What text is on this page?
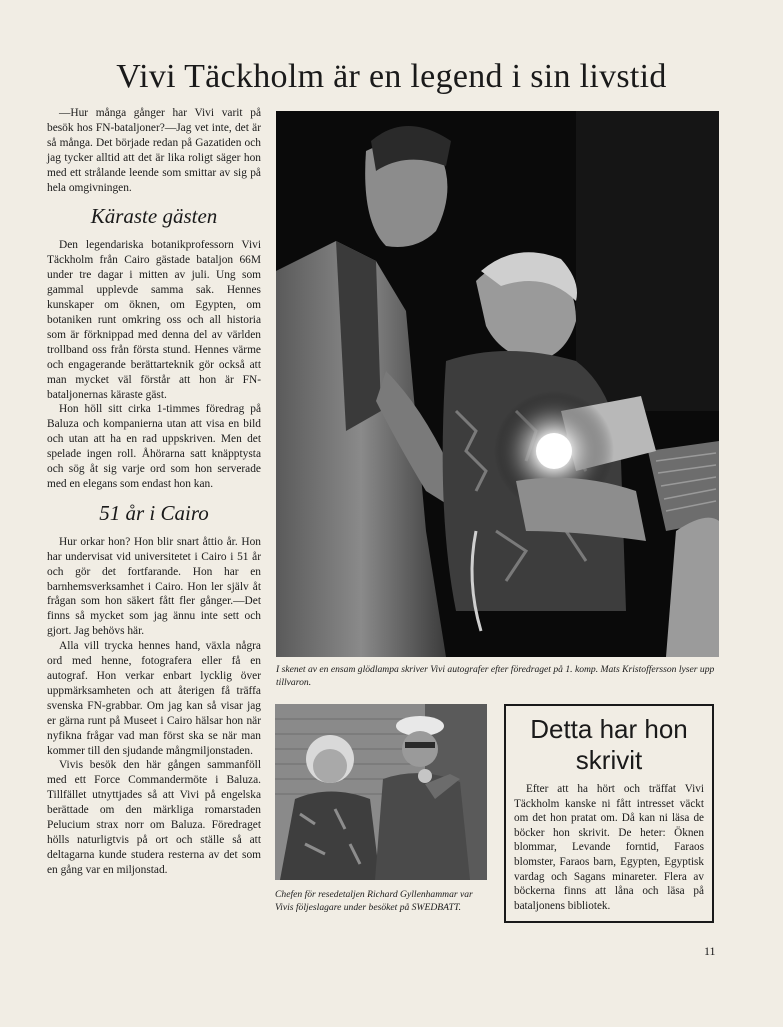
Vivi Täckholm är en legend i sin livstid

—Hur många gånger har Vivi varit på besök hos FN-bataljoner?—Jag vet inte, det är så många. Det började redan på Gazatiden och jag tycker alltid att det är lika roligt säger hon med ett strålande leende som smittar av sig på hela omgivningen.

Käraste gästen

Den legendariska botanikprofessorn Vivi Täckholm från Cairo gästade bataljon 66M under tre dagar i mitten av juli. Ung som gammal upplevde samma sak. Hennes kunskaper om öknen, om Egypten, om botaniken runt omkring oss och all historia som är förknippad med denna del av världen trollband oss från första stund. Hennes värme och engagerande berättarteknik gör också att man mycket väl förstår att hon är FN-bataljonernas käraste gäst.

Hon höll sitt cirka 1-timmes föredrag på Baluza och kompanierna utan att visa en bild och utan att ha en rad uppskriven. Men det spelade ingen roll. Åhörarna satt knäpptysta och sög åt sig varje ord som hon serverade med en elegans som endast hon kan.

51 år i Cairo

Hur orkar hon? Hon blir snart åttio år. Hon har undervisat vid universitetet i Cairo i 51 år och gör det fortfarande. Hon har en barnhemsverksamhet i Cairo. Hon ler själv åt frågan som hon säkert fått fler gånger.—Det finns så mycket som jag ännu inte sett och gjort. Jag behövs här.

Alla vill trycka hennes hand, växla några ord med henne, fotografera eller få en autograf. Hon verkar enbart lycklig över uppmärksamheten och att återigen få träffa svenska FN-grabbar. Om jag kan så visar jag er gärna runt på Museet i Cairo hälsar hon när nyfikna frågar vad man först ska se när man kommer till den sjudande mångmiljonstaden.

Vivis besök den här gången sammanföll med ett Force Commandermöte i Baluza. Tillfället utnyttjades så att Vivi på engelska berättade om den märkliga romarstaden Pelucium strax norr om Baluza. Föredraget hölls naturligtvis på ort och ställe så att deltagarna kunde studera resterna av det som en gång var en miljonstad.

I skenet av en ensam glödlampa skriver Vivi autografer efter föredraget på 1. komp. Mats Kristoffersson lyser upp tillvaron.
Chefen för resedetaljen Richard Gyllenhammar var Vivis följeslagare under besöket på SWEDBATT.
Detta har hon skrivit

Efter att ha hört och träffat Vivi Täckholm kanske ni fått intresset väckt om det hon pratat om. Då kan ni läsa de böcker hon skrivit. De heter: Öknen blommar, Levande forntid, Faraos blomster, Faraos barn, Egypten, Egyptisk vardag och Sagans minareter. Flera av böckerna finns att låna och läsa på bataljonens bibliotek.

11
